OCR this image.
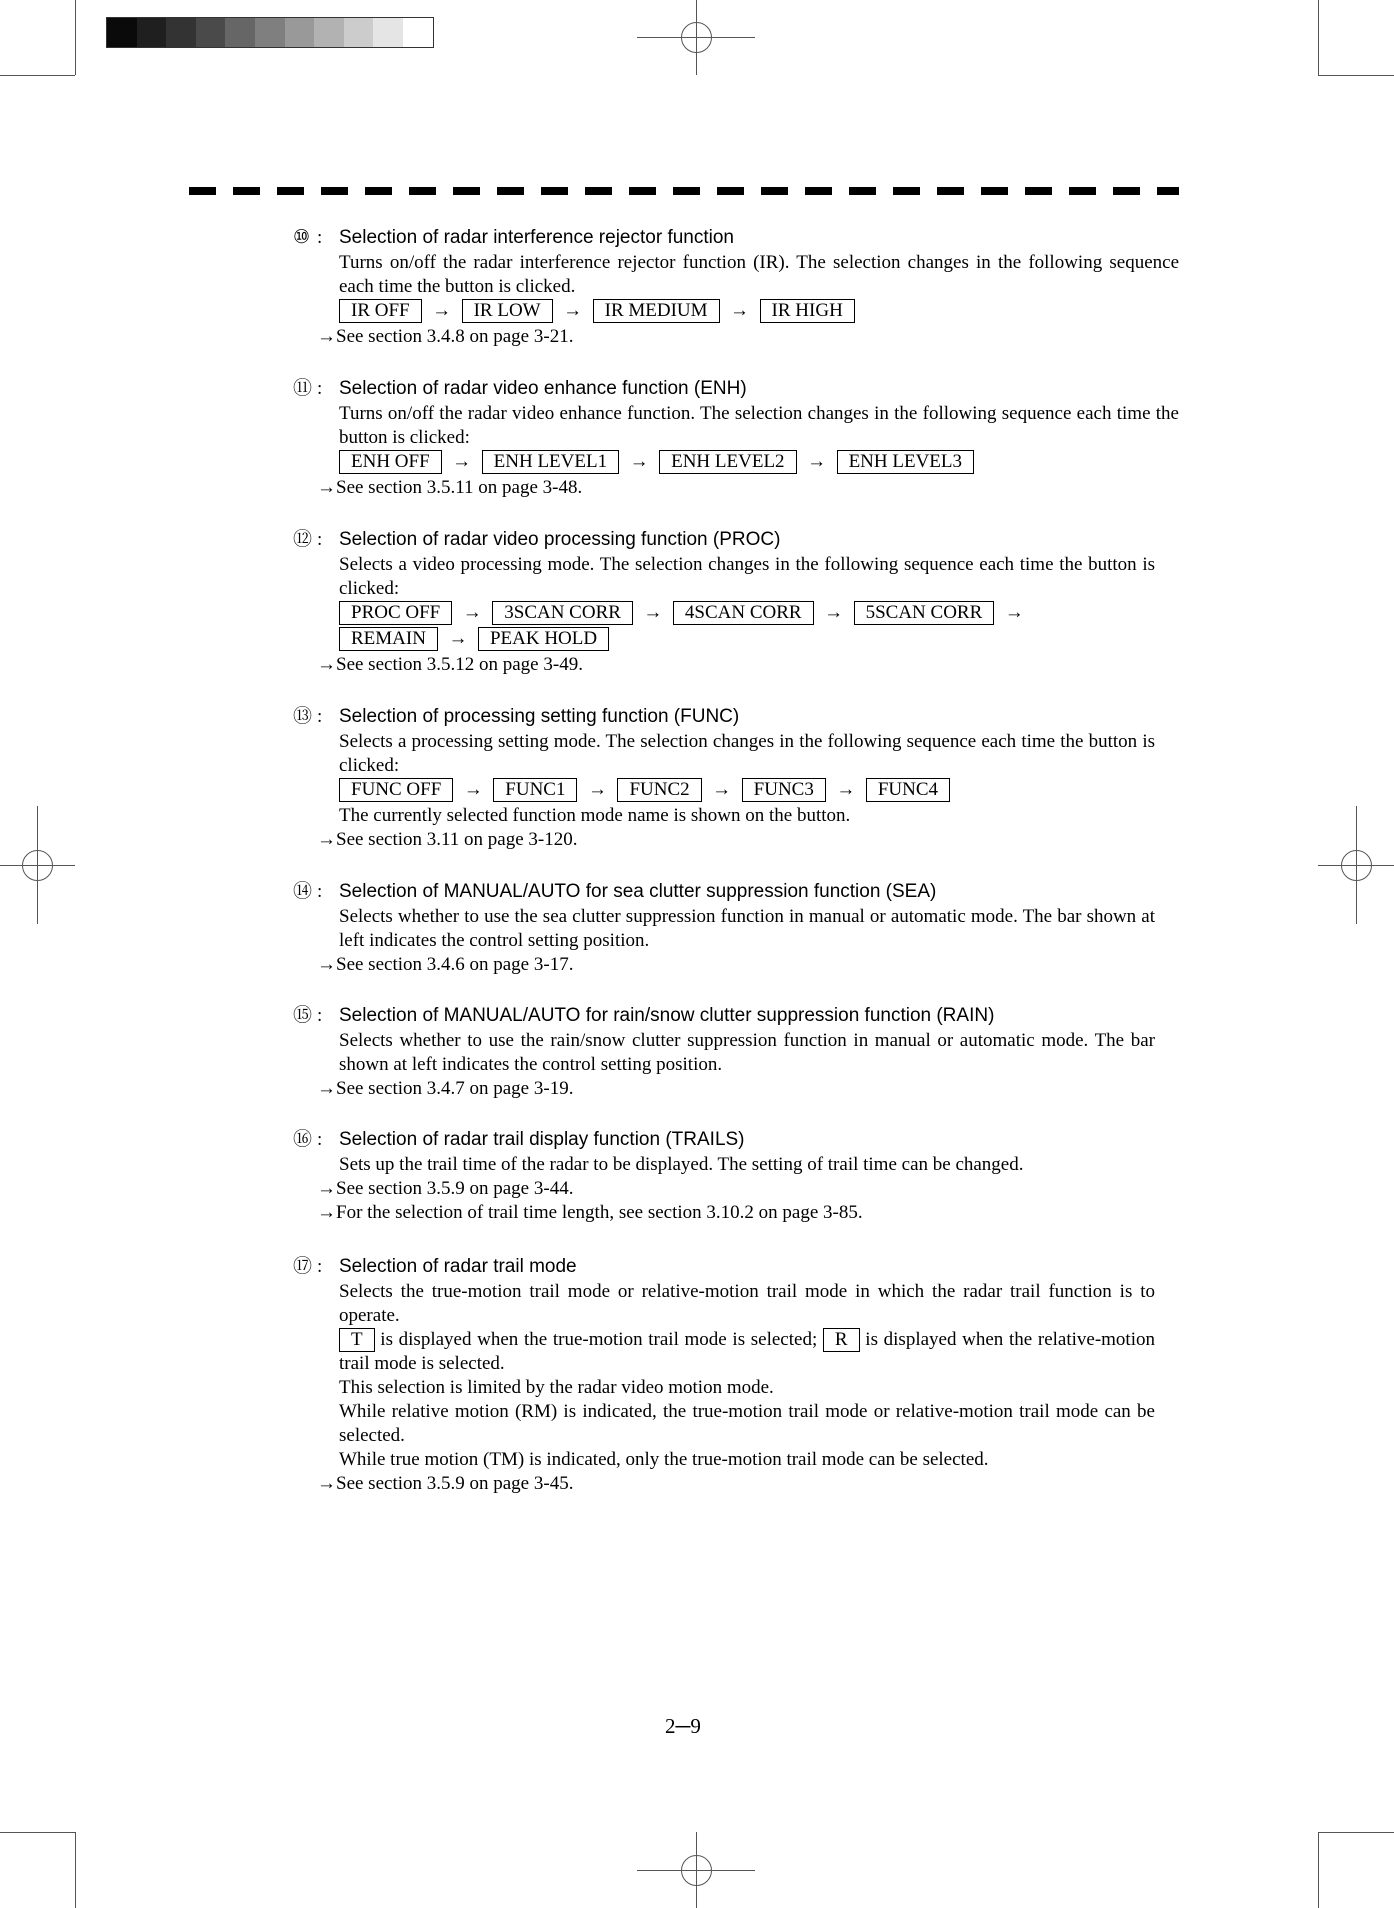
⑩ : Selection of radar interference rejector function
Turns on/off the radar interference rejector function (IR). The selection changes in the following sequence each time the button is clicked.
IR OFF → IR LOW → IR MEDIUM → IR HIGH
→See section 3.4.8 on page 3-21.
⑪ : Selection of radar video enhance function (ENH)
Turns on/off the radar video enhance function. The selection changes in the following sequence each time the button is clicked:
ENH OFF → ENH LEVEL1 → ENH LEVEL2 → ENH LEVEL3
→See section 3.5.11 on page 3-48.
⑫ : Selection of radar video processing function (PROC)
Selects a video processing mode. The selection changes in the following sequence each time the button is clicked:
PROC OFF → 3SCAN CORR → 4SCAN CORR → 5SCAN CORR →
REMAIN → PEAK HOLD
→See section 3.5.12 on page 3-49.
⑬ : Selection of processing setting function (FUNC)
Selects a processing setting mode. The selection changes in the following sequence each time the button is clicked:
FUNC OFF → FUNC1 → FUNC2 → FUNC3 → FUNC4
The currently selected function mode name is shown on the button.
→See section 3.11 on page 3-120.
⑭ : Selection of MANUAL/AUTO for sea clutter suppression function (SEA)
Selects whether to use the sea clutter suppression function in manual or automatic mode. The bar shown at left indicates the control setting position.
→See section 3.4.6 on page 3-17.
⑮ : Selection of MANUAL/AUTO for rain/snow clutter suppression function (RAIN)
Selects whether to use the rain/snow clutter suppression function in manual or automatic mode. The bar shown at left indicates the control setting position.
→See section 3.4.7 on page 3-19.
⑯ : Selection of radar trail display function (TRAILS)
Sets up the trail time of the radar to be displayed. The setting of trail time can be changed.
→See section 3.5.9 on page 3-44.
→For the selection of trail time length, see section 3.10.2 on page 3-85.
⑰ : Selection of radar trail mode
Selects the true-motion trail mode or relative-motion trail mode in which the radar trail function is to operate.
T is displayed when the true-motion trail mode is selected; R is displayed when the relative-motion trail mode is selected.
This selection is limited by the radar video motion mode.
While relative motion (RM) is indicated, the true-motion trail mode or relative-motion trail mode can be selected.
While true motion (TM) is indicated, only the true-motion trail mode can be selected.
→See section 3.5.9 on page 3-45.
2─9
